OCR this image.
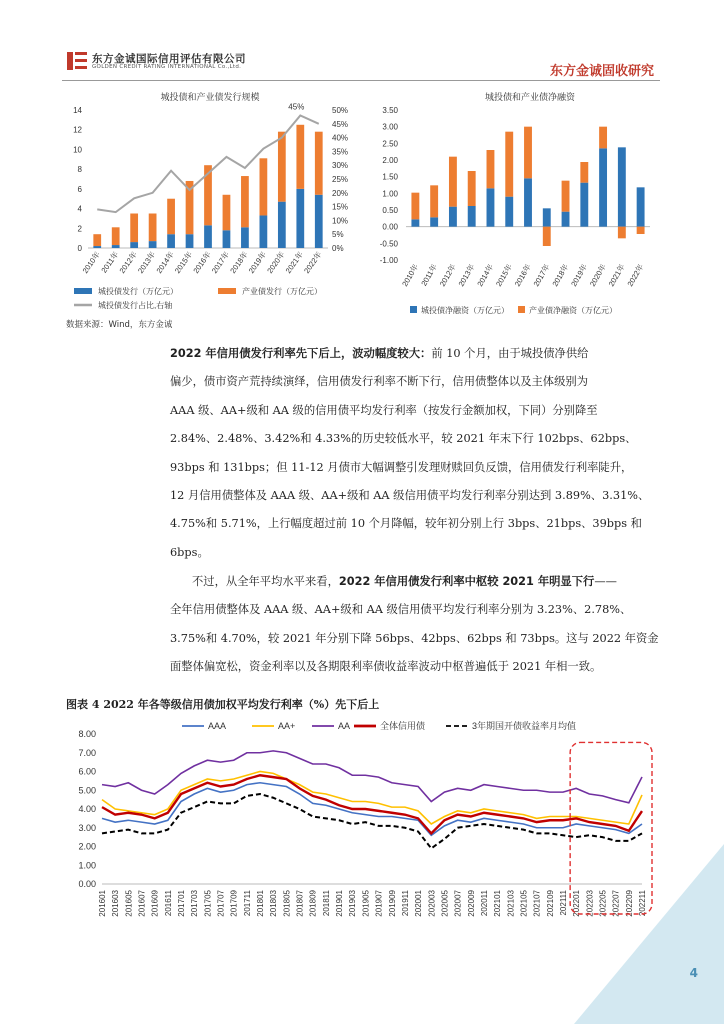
东方金诚国际信用评估有限公司
GOLDEN CREDIT RATING INTERNATIONAL Co.,Ltd.	东方金诚固收研究
城投债和产业债发行规模
0
2
4
6
8
10
12
14
0%
5%
10%
15%
20%
25%
30%
35%
40%
45%
50%
2010年
2011年
2012年
2013年
2014年
2015年
2016年
2017年
2018年
2019年
2020年
2021年
2022年
45%
城投债发行（万亿元）	产业债发行（万亿元）
城投债发行占比,右轴
城投债和产业债净融资
-1.00
-0.50
0.00
0.50
1.00
1.50
2.00
2.50
3.00
3.50
2010年 2011年
2012年
2013年
2014年
2015年
2016年
2017年
2018年
2019年
2020年
2021年
2022年
城投债净融资（万亿元）	产业债净融资（万亿元）
数据来源：Wind，东方金诚
2022 年信用债发行利率先下后上，波动幅度较大：前 10 个月，由于城投债净供给
偏少，债市资产荒持续演绎，信用债发行利率不断下行，信用债整体以及主体级别为
AAA 级、AA+级和 AA 级的信用债平均发行利率（按发行金额加权，下同）分别降至
2.84%、2.48%、3.42%和 4.33%的历史较低水平，较 2021 年末下行 102bps、62bps、
93bps 和 131bps；但 11-12 月债市大幅调整引发理财赎回负反馈，信用债发行利率陡升，
12 月信用债整体及 AAA 级、AA+级和 AA 级信用债平均发行利率分别达到 3.89%、3.31%、
4.75%和 5.71%，上行幅度超过前 10 个月降幅，较年初分别上行 3bps、21bps、39bps 和
6bps。
不过，从全年平均水平来看，2022 年信用债发行利率中枢较 2021 年明显下行——
全年信用债整体及 AAA 级、AA+级和 AA 级信用债平均发行利率分别为 3.23%、2.78%、
3.75%和 4.70%，较 2021 年分别下降 56bps、42bps、62bps 和 73bps。这与 2022 年资金
面整体偏宽松，资金利率以及各期限利率债收益率波动中枢普遍低于 2021 年相一致。
图表 4 2022 年各等级信用债加权平均发行利率（%）先下后上
0.00
1.00
2.00
3.00
4.00
5.00
6.00
7.00
8.00
201601 201603 201605 201607 201609 201611 201701 201703 201705 201707 201709 201711 201801 201803 201805 201807 201809 201811 201901 201903 201905 201907 201909 201911 202001 202003 202005 202007 202009 202011 202101 202103 202105 202107 202109 202111 202201 202203 202205 202207 202209 202211
AAA	AA+	AA	全体信用债	3年期国开债收益率月均值
4
